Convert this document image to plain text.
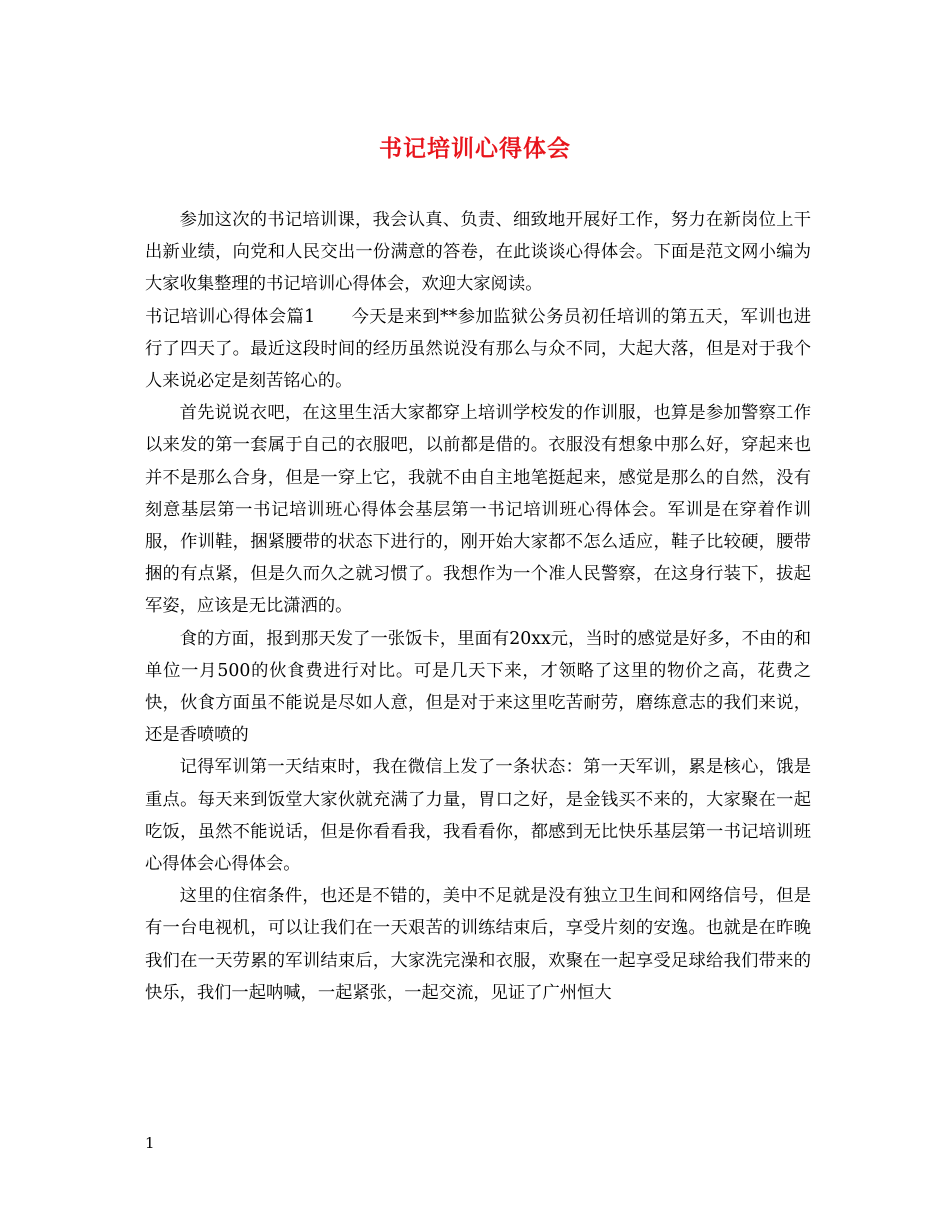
书记培训心得体会

参加这次的书记培训课，我会认真、负责、细致地开展好工作，努力在新岗位上干出新业绩，向党和人民交出一份满意的答卷，在此谈谈心得体会。下面是范文网小编为大家收集整理的书记培训心得体会，欢迎大家阅读。

书记培训心得体会篇1 今天是来到**参加监狱公务员初任培训的第五天，军训也进行了四天了。最近这段时间的经历虽然说没有那么与众不同，大起大落，但是对于我个人来说必定是刻苦铭心的。

首先说说衣吧，在这里生活大家都穿上培训学校发的作训服，也算是参加警察工作以来发的第一套属于自己的衣服吧，以前都是借的。衣服没有想象中那么好，穿起来也并不是那么合身，但是一穿上它，我就不由自主地笔挺起来，感觉是那么的自然，没有刻意基层第一书记培训班心得体会基层第一书记培训班心得体会。军训是在穿着作训服，作训鞋，捆紧腰带的状态下进行的，刚开始大家都不怎么适应，鞋子比较硬，腰带捆的有点紧，但是久而久之就习惯了。我想作为一个准人民警察，在这身行装下，拔起军姿，应该是无比潇洒的。

食的方面，报到那天发了一张饭卡，里面有20xx元，当时的感觉是好多，不由的和单位一月500的伙食费进行对比。可是几天下来，才领略了这里的物价之高，花费之快，伙食方面虽不能说是尽如人意，但是对于来这里吃苦耐劳，磨练意志的我们来说，还是香喷喷的

记得军训第一天结束时，我在微信上发了一条状态：第一天军训，累是核心，饿是重点。每天来到饭堂大家伙就充满了力量，胃口之好，是金钱买不来的，大家聚在一起吃饭，虽然不能说话，但是你看看我，我看看你，都感到无比快乐基层第一书记培训班心得体会心得体会。

这里的住宿条件，也还是不错的，美中不足就是没有独立卫生间和网络信号，但是有一台电视机，可以让我们在一天艰苦的训练结束后，享受片刻的安逸。也就是在昨晚我们在一天劳累的军训结束后，大家洗完澡和衣服，欢聚在一起享受足球给我们带来的快乐，我们一起呐喊，一起紧张，一起交流，见证了广州恒大

1
